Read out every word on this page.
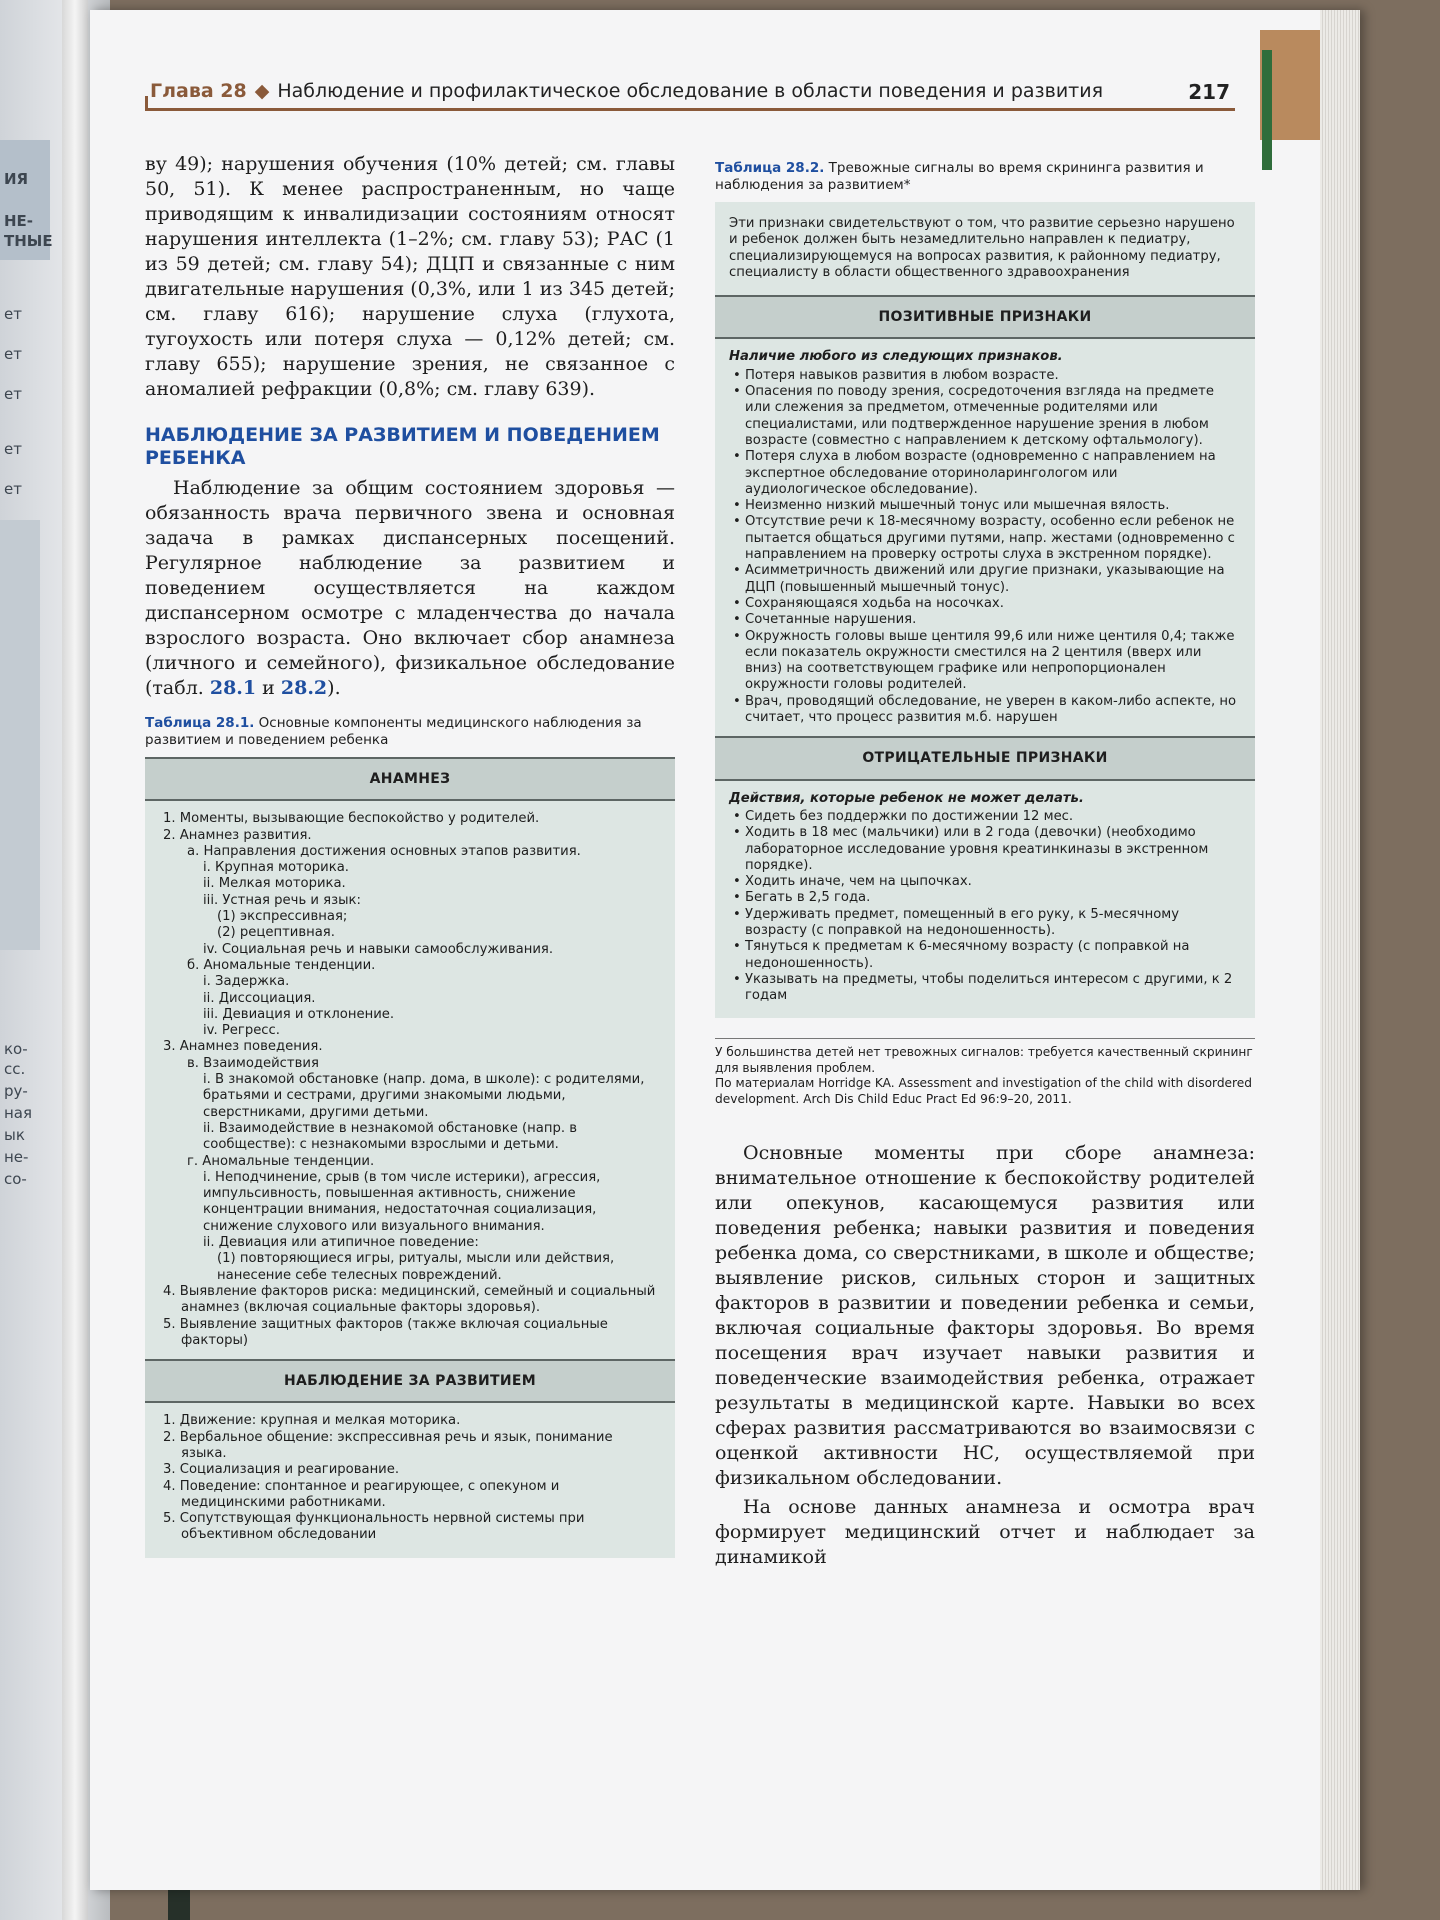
ИЯ
НЕ-
ТНЫЕ
ет
ет
ет
ет
ет
ко-
сс.
ру-
ная
ык
не-
со-
Глава 28 ◆ Наблюдение и профилактическое обследование в области поведения и развития	217

ву 49); нарушения обучения (10% детей; см. главы 50, 51). К менее распространенным, но чаще приводящим к инвалидизации состояниям относят нарушения интеллекта (1–2%; см. главу 53); РАС (1 из 59 детей; см. главу 54); ДЦП и связанные с ним двигательные нарушения (0,3%, или 1 из 345 детей; см. главу 616); нарушение слуха (глухота, тугоухость или потеря слуха — 0,12% детей; см. главу 655); нарушение зрения, не связанное с аномалией рефракции (0,8%; см. главу 639).

НАБЛЮДЕНИЕ ЗА РАЗВИТИЕМ И ПОВЕДЕНИЕМ РЕБЕНКА

Наблюдение за общим состоянием здоровья — обязанность врача первичного звена и основная задача в рамках диспансерных посещений. Регулярное наблюдение за развитием и поведением осуществляется на каждом диспансерном осмотре с младенчества до начала взрослого возраста. Оно включает сбор анамнеза (личного и семейного), физикальное обследование (табл. 28.1 и 28.2).

Таблица 28.1. Основные компоненты медицинского наблюдения за развитием и поведением ребенка
АНАМНЕЗ
1. Моменты, вызывающие беспокойство у родителей.
2. Анамнез развития.
а. Направления достижения основных этапов развития.
i. Крупная моторика.
ii. Мелкая моторика.
iii. Устная речь и язык:
(1) экспрессивная;
(2) рецептивная.
iv. Социальная речь и навыки самообслуживания.
б. Аномальные тенденции.
i. Задержка.
ii. Диссоциация.
iii. Девиация и отклонение.
iv. Регресс.
3. Анамнез поведения.
в. Взаимодействия
i. В знакомой обстановке (напр. дома, в школе): с родителями, братьями и сестрами, другими знакомыми людьми, сверстниками, другими детьми.
ii. Взаимодействие в незнакомой обстановке (напр. в сообществе): с незнакомыми взрослыми и детьми.
г. Аномальные тенденции.
i. Неподчинение, срыв (в том числе истерики), агрессия, импульсивность, повышенная активность, снижение концентрации внимания, недостаточная социализация, снижение слухового или визуального внимания.
ii. Девиация или атипичное поведение:
(1) повторяющиеся игры, ритуалы, мысли или действия, нанесение себе телесных повреждений.
4. Выявление факторов риска: медицинский, семейный и социальный анамнез (включая социальные факторы здоровья).
5. Выявление защитных факторов (также включая социальные факторы)
НАБЛЮДЕНИЕ ЗА РАЗВИТИЕМ
1. Движение: крупная и мелкая моторика.
2. Вербальное общение: экспрессивная речь и язык, понимание языка.
3. Социализация и реагирование.
4. Поведение: спонтанное и реагирующее, с опекуном и медицинскими работниками.
5. Сопутствующая функциональность нервной системы при объективном обследовании
Таблица 28.2. Тревожные сигналы во время скрининга развития и наблюдения за развитием*
Эти признаки свидетельствуют о том, что развитие серьезно нарушено и ребенок должен быть незамедлительно направлен к педиатру, специализирующемуся на вопросах развития, к районному педиатру, специалисту в области общественного здравоохранения
ПОЗИТИВНЫЕ ПРИЗНАКИ
Наличие любого из следующих признаков.
• Потеря навыков развития в любом возрасте.
• Опасения по поводу зрения, сосредоточения взгляда на предмете или слежения за предметом, отмеченные родителями или специалистами, или подтвержденное нарушение зрения в любом возрасте (совместно с направлением к детскому офтальмологу).
• Потеря слуха в любом возрасте (одновременно с направлением на экспертное обследование оториноларингологом или аудиологическое обследование).
• Неизменно низкий мышечный тонус или мышечная вялость.
• Отсутствие речи к 18-месячному возрасту, особенно если ребенок не пытается общаться другими путями, напр. жестами (одновременно с направлением на проверку остроты слуха в экстренном порядке).
• Асимметричность движений или другие признаки, указывающие на ДЦП (повышенный мышечный тонус).
• Сохраняющаяся ходьба на носочках.
• Сочетанные нарушения.
• Окружность головы выше центиля 99,6 или ниже центиля 0,4; также если показатель окружности сместился на 2 центиля (вверх или вниз) на соответствующем графике или непропорционален окружности головы родителей.
• Врач, проводящий обследование, не уверен в каком-либо аспекте, но считает, что процесс развития м.б. нарушен
ОТРИЦАТЕЛЬНЫЕ ПРИЗНАКИ
Действия, которые ребенок не может делать.
• Сидеть без поддержки по достижении 12 мес.
• Ходить в 18 мес (мальчики) или в 2 года (девочки) (необходимо лабораторное исследование уровня креатинкиназы в экстренном порядке).
• Ходить иначе, чем на цыпочках.
• Бегать в 2,5 года.
• Удерживать предмет, помещенный в его руку, к 5-месячному возрасту (с поправкой на недоношенность).
• Тянуться к предметам к 6-месячному возрасту (с поправкой на недоношенность).
• Указывать на предметы, чтобы поделиться интересом с другими, к 2 годам
У большинства детей нет тревожных сигналов: требуется качественный скрининг для выявления проблем.
По материалам Horridge KA. Assessment and investigation of the child with disordered development. Arch Dis Child Educ Pract Ed 96:9–20, 2011.

Основные моменты при сборе анамнеза: внимательное отношение к беспокойству родителей или опекунов, касающемуся развития или поведения ребенка; навыки развития и поведения ребенка дома, со сверстниками, в школе и обществе; выявление рисков, сильных сторон и защитных факторов в развитии и поведении ребенка и семьи, включая социальные факторы здоровья. Во время посещения врач изучает навыки развития и поведенческие взаимодействия ребенка, отражает результаты в медицинской карте. Навыки во всех сферах развития рассматриваются во взаимосвязи с оценкой активности НС, осуществляемой при физикальном обследовании.

На основе данных анамнеза и осмотра врач формирует медицинский отчет и наблюдает за динамикой
